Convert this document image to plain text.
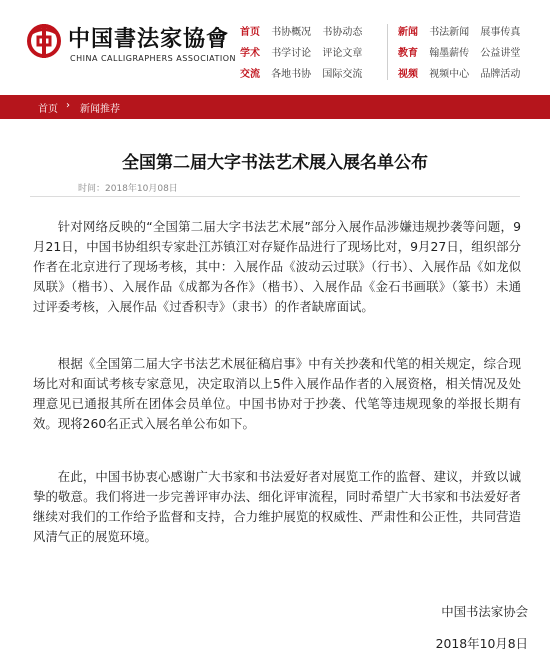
中国書法家協會
CHINA CALLIGRAPHERS ASSOCIATION
首页 书协概况 书协动态
学术 书学讨论 评论文章
交流 各地书协 国际交流
新闻 书法新闻 展事传真
教育 翰墨薪传 公益讲堂
视频 视频中心 品牌活动
首页 › 新闻推荐
全国第二届大字书法艺术展入展名单公布
时间：2018年10月08日
针对网络反映的“全国第二届大字书法艺术展”部分入展作品涉嫌违规抄袭等问题，9月21日，中国书协组织专家赴江苏镇江对存疑作品进行了现场比对，9月27日，组织部分作者在北京进行了现场考核，其中：入展作品《波动云过联》（行书）、入展作品《如龙似凤联》（楷书）、入展作品《成都为各作》（楷书）、入展作品《金石书画联》（篆书）未通过评委考核，入展作品《过香积寺》（隶书）的作者缺席面试。
根据《全国第二届大字书法艺术展征稿启事》中有关抄袭和代笔的相关规定，综合现场比对和面试考核专家意见，决定取消以上5件入展作品作者的入展资格，相关情况及处理意见已通报其所在团体会员单位。中国书协对于抄袭、代笔等违规现象的举报长期有效。现将260名正式入展名单公布如下。
在此，中国书协衷心感谢广大书家和书法爱好者对展览工作的监督、建议，并致以诚挚的敬意。我们将进一步完善评审办法、细化评审流程，同时希望广大书家和书法爱好者继续对我们的工作给予监督和支持，合力维护展览的权威性、严肃性和公正性，共同营造风清气正的展览环境。
中国书法家协会
2018年10月8日
